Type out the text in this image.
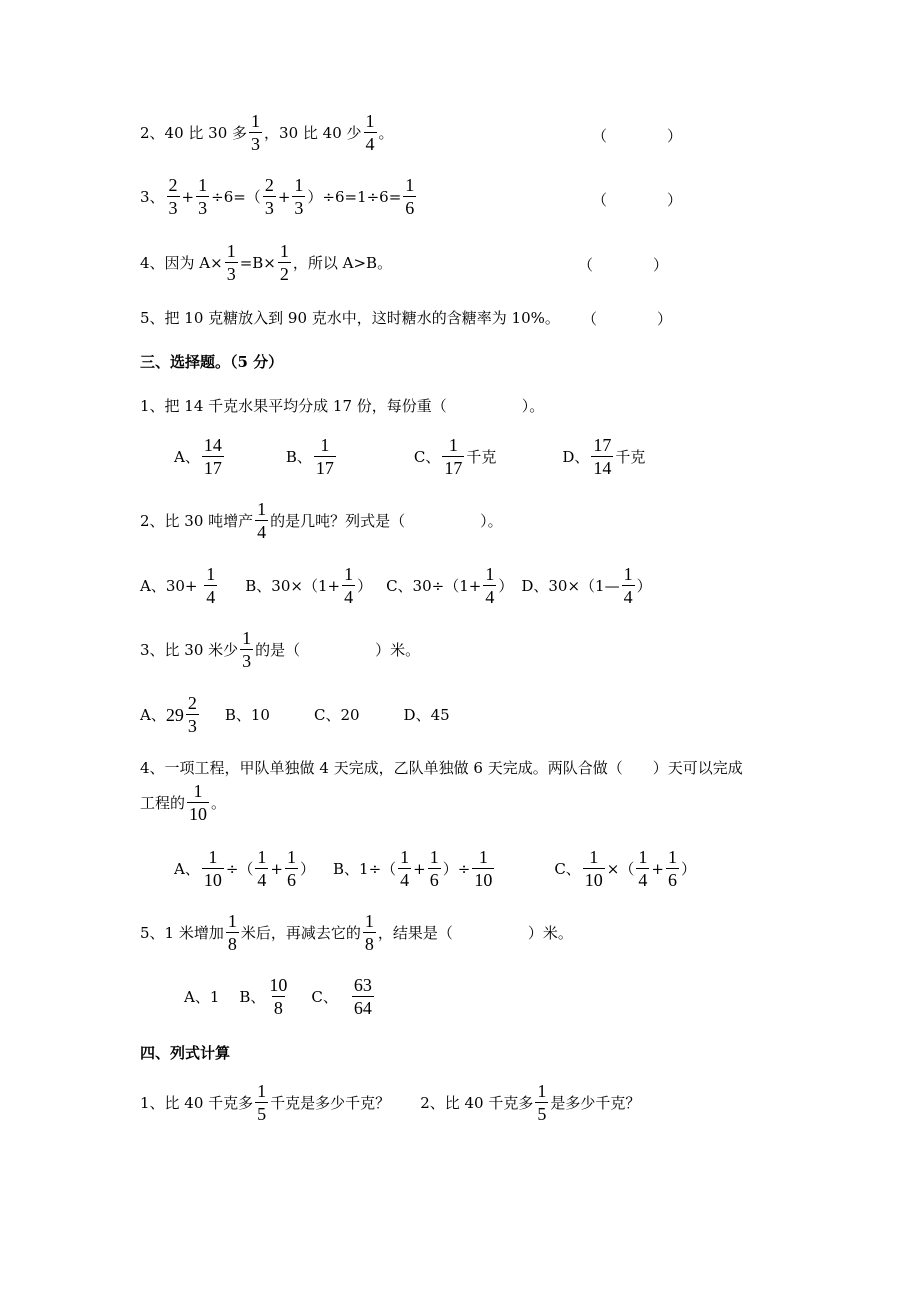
2、40 比 30 多 $\frac{1}{3}$ ，30 比 40 少 $\frac{1}{4}$ 。	（　　　　）
3、 $\frac{2}{3} + \frac{1}{3} \div 6=( \frac{2}{3} + \frac{1}{3} )\div 6=1\div 6= \frac{1}{6}$	（　　　　）
4、因为 $A\times \frac{1}{3} =B\times \frac{1}{2}$ ，所以 A>B。	（　　　　）
5、把 10 克糖放入到 90 克水中，这时糖水的含糖率为 10%。 （　　　　）
三、选择题。（5 分）
1、把 14 千克水果平均分成 17 份，每份重（　　　　　）。
A、 $\frac{14}{17}$	B、 $\frac{1}{17}$	C、 $\frac{1}{17}$ 千克	D、 $\frac{17}{14}$ 千克
2、比 30 吨增产 $\frac{1}{4}$ 的是几吨？列式是（　　　　　）。
A、$30+ \frac{1}{4}$ B、$30\times(1+ \frac{1}{4}$ ） C、$30\div(1+ \frac{1}{4}$ ） D、30×（1— $\frac{1}{4}$ ）
3、比 30 米少 $\frac{1}{3}$ 的是（　　　　　）米。
A、 $29 \frac{2}{3}$ B、10	C、20	D、45
4、一项工程，甲队单独做 4 天完成，乙队单独做 6 天完成。两队合做（　　）天可以完成
工程的 $\frac{1}{10}$ 。
A、 $\frac{1}{10}$ ÷（ $\frac{1}{4} + \frac{1}{6}$ ） B、$1\div( \frac{1}{4} + \frac{1}{6}$ ）÷ $\frac{1}{10}$	C、 $\frac{1}{10}$ ×（ $\frac{1}{4} + \frac{1}{6}$ ）
5、1 米增加 $\frac{1}{8}$ 米后，再减去它的 $\frac{1}{8}$ ，结果是（　　　　　）米。
A、1 B、 $\frac{10}{8}$ C、 $\frac{63}{64}$
四、列式计算
1、比 40 千克多 $\frac{1}{5}$ 千克是多少千克？ 2、比 40 千克多 $\frac{1}{5}$ 是多少千克？
